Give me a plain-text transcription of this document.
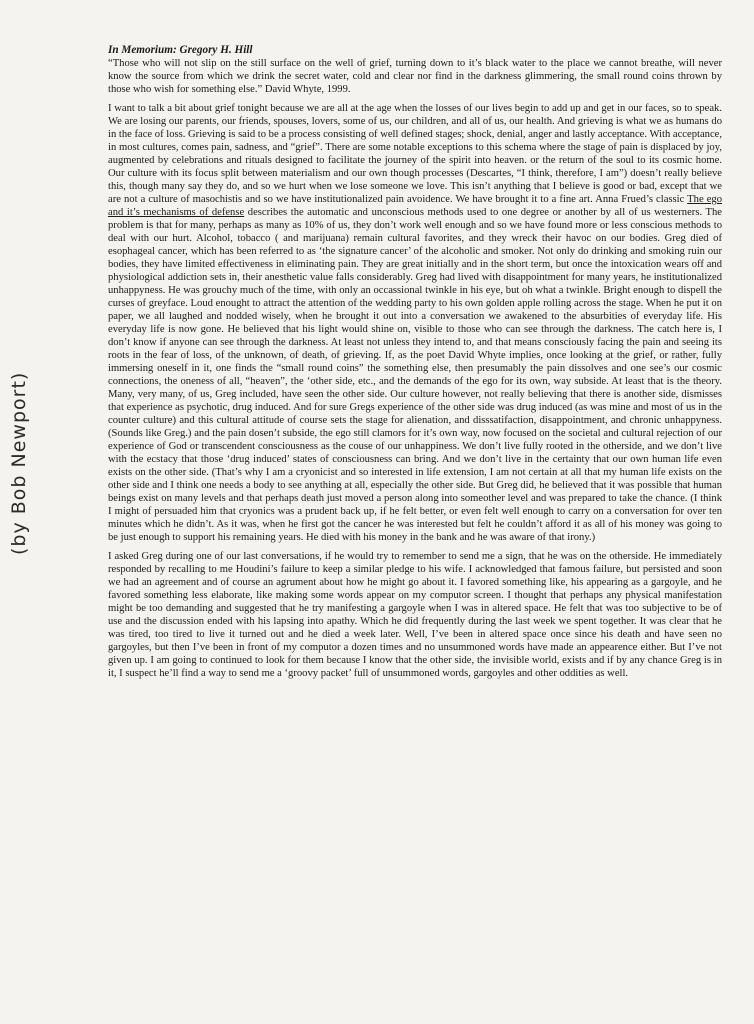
(by Bob Newport)

In Memorium: Gregory H. Hill

“Those who will not slip on the still surface on the well of grief, turning down to it’s black water to the place we cannot breathe, will never know the source from which we drink the secret water, cold and clear nor find in the darkness glimmering, the small round coins thrown by those who wish for something else.” David Whyte, 1999.

I want to talk a bit about grief tonight because we are all at the age when the losses of our lives begin to add up and get in our faces, so to speak. We are losing our parents, our friends, spouses, lovers, some of us, our children, and all of us, our health. And grieving is what we as humans do in the face of loss. Grieving is said to be a process consisting of well defined stages; shock, denial, anger and lastly acceptance. With acceptance, in most cultures, comes pain, sadness, and “grief”. There are some notable exceptions to this schema where the stage of pain is displaced by joy, augmented by celebrations and rituals designed to facilitate the journey of the spirit into heaven. or the return of the soul to its cosmic home. Our culture with its focus split between materialism and our own though processes (Descartes, “I think, therefore, I am”) doesn’t really believe this, though many say they do, and so we hurt when we lose someone we love. This isn’t anything that I believe is good or bad, except that we are not a culture of masochistis and so we have institutionalized pain avoidence. We have brought it to a fine art. Anna Frued’s classic The ego and it’s mechanisms of defense describes the automatic and unconscious methods used to one degree or another by all of us westerners. The problem is that for many, perhaps as many as 10% of us, they don’t work well enough and so we have found more or less conscious methods to deal with our hurt. Alcohol, tobacco ( and marijuana) remain cultural favorites, and they wreck their havoc on our bodies. Greg died of esophageal cancer, which has been referred to as ‘the signature cancer’ of the alcoholic and smoker. Not only do drinking and smoking ruin our bodies, they have limited effectiveness in eliminating pain. They are great initially and in the short term, but once the intoxication wears off and physiological addiction sets in, their anesthetic value falls considerably. Greg had lived with disappointment for many years, he institutionalized unhappyness. He was grouchy much of the time, with only an occassional twinkle in his eye, but oh what a twinkle. Bright enough to dispell the curses of greyface. Loud enought to attract the attention of the wedding party to his own golden apple rolling across the stage. When he put it on paper, we all laughed and nodded wisely, when he brought it out into a conversation we awakened to the absurbities of everyday life. His everyday life is now gone. He believed that his light would shine on, visible to those who can see through the darkness. The catch here is, I don’t know if anyone can see through the darkness. At least not unless they intend to, and that means consciously facing the pain and seeing its roots in the fear of loss, of the unknown, of death, of grieving. If, as the poet David Whyte implies, once looking at the grief, or rather, fully immersing oneself in it, one finds the “small round coins” the something else, then presumably the pain dissolves and one see’s our cosmic connections, the oneness of all, “heaven”, the ‘other side, etc., and the demands of the ego for its own, way subside. At least that is the theory. Many, very many, of us, Greg included, have seen the other side. Our culture however, not really believing that there is another side, dismisses that experience as psychotic, drug induced. And for sure Gregs experience of the other side was drug induced (as was mine and most of us in the counter culture) and this cultural attitude of course sets the stage for alienation, and disssatifaction, disappointment, and chronic unhappyness. (Sounds like Greg.) and the pain dosen’t subside, the ego still clamors for it’s own way, now focused on the societal and cultural rejection of our experience of God or transcendent consciousness as the couse of our unhappiness. We don’t live fully rooted in the otherside, and we don’t live with the ecstacy that those ‘drug induced’ states of consciousness can bring. And we don’t live in the certainty that our own human life even exists on the other side. (That’s why I am a cryonicist and so interested in life extension, I am not certain at all that my human life exists on the other side and I think one needs a body to see anything at all, especially the other side. But Greg did, he believed that it was possible that human beings exist on many levels and that perhaps death just moved a person along into someother level and was prepared to take the chance. (I think I might of persuaded him that cryonics was a prudent back up, if he felt better, or even felt well enough to carry on a conversation for over ten minutes which he didn’t. As it was, when he first got the cancer he was interested but felt he couldn’t afford it as all of his money was going to be just enough to support his remaining years. He died with his money in the bank and he was aware of that irony.)

I asked Greg during one of our last conversations, if he would try to remember to send me a sign, that he was on the otherside. He immediately responded by recalling to me Houdini’s failure to keep a similar pledge to his wife. I acknowledged that famous failure, but persisted and soon we had an agreement and of course an agrument about how he might go about it. I favored something like, his appearing as a gargoyle, and he favored something less elaborate, like making some words appear on my computor screen. I thought that perhaps any physical manifestation might be too demanding and suggested that he try manifesting a gargoyle when I was in altered space. He felt that was too subjective to be of use and the discussion ended with his lapsing into apathy. Which he did frequently during the last week we spent together. It was clear that he was tired, too tired to live it turned out and he died a week later. Well, I’ve been in altered space once since his death and have seen no gargoyles, but then I’ve been in front of my computor a dozen times and no unsummoned words have made an appearence either. But I’ve not given up. I am going to continued to look for them because I know that the other side, the invisible world, exists and if by any chance Greg is in it, I suspect he’ll find a way to send me a ‘groovy packet’ full of unsummoned words, gargoyles and other oddities as well.
